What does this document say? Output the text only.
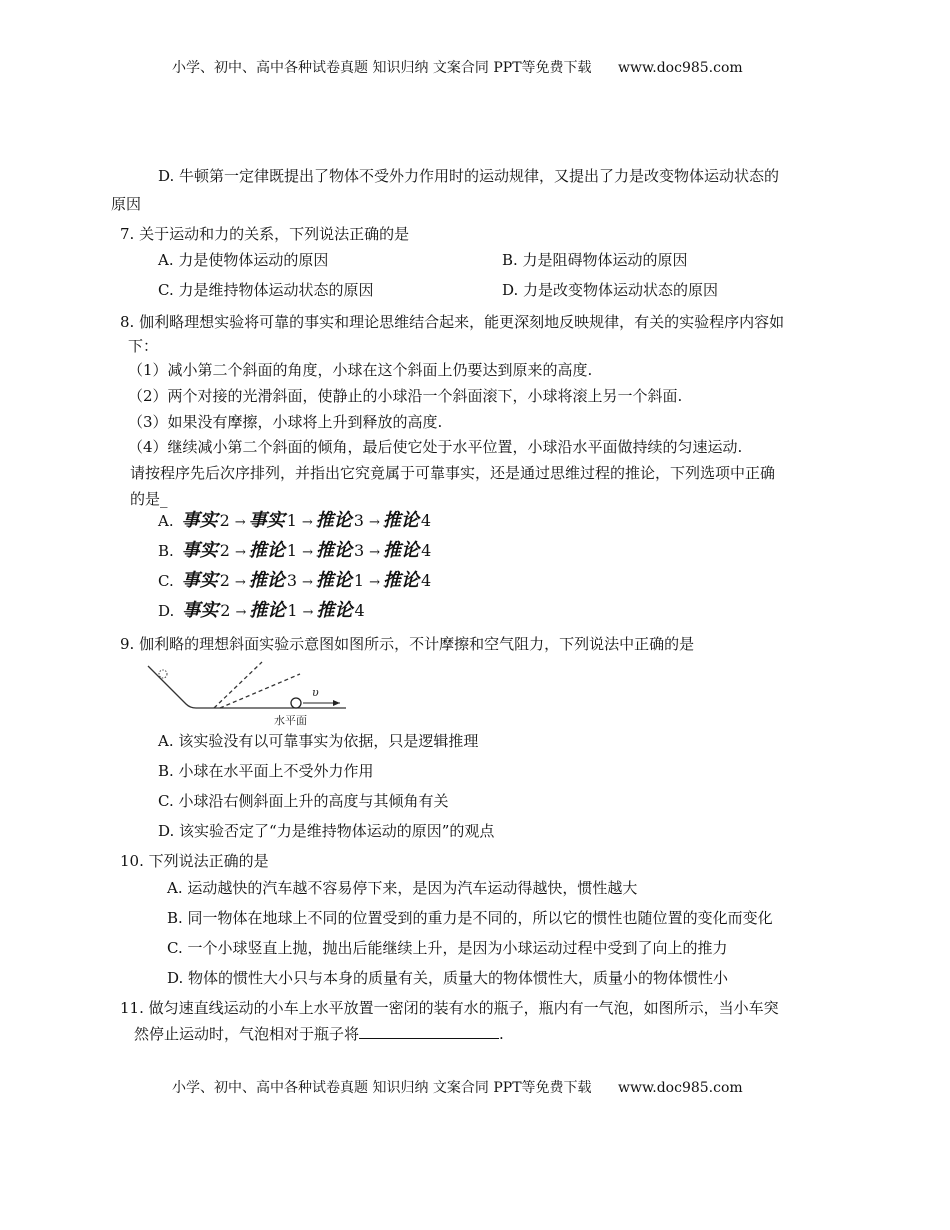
小学、初中、高中各种试卷真题 知识归纳 文案合同 PPT等免费下载 www.doc985.com
D. 牛顿第一定律既提出了物体不受外力作用时的运动规律，又提出了力是改变物体运动状态的
原因
7. 关于运动和力的关系，下列说法正确的是
A. 力是使物体运动的原因	B. 力是阻碍物体运动的原因
C. 力是维持物体运动状态的原因	D. 力是改变物体运动状态的原因
8. 伽利略理想实验将可靠的事实和理论思维结合起来，能更深刻地反映规律，有关的实验程序内容如
下：
（1）减小第二个斜面的角度，小球在这个斜面上仍要达到原来的高度.
（2）两个对接的光滑斜面，使静止的小球沿一个斜面滚下，小球将滚上另一个斜面.
（3）如果没有摩擦，小球将上升到释放的高度.
（4）继续减小第二个斜面的倾角，最后使它处于水平位置，小球沿水平面做持续的匀速运动.
请按程序先后次序排列，并指出它究竟属于可靠事实，还是通过思维过程的推论，下列选项中正确
的是_
A. 事实 2 → 事实 1 → 推论 3 → 推论 4
B. 事实 2 → 推论 1 → 推论 3 → 推论 4
C. 事实 2 → 推论 3 → 推论 1 → 推论 4
D. 事实 2 → 推论 1 → 推论 4
9. 伽利略的理想斜面实验示意图如图所示，不计摩擦和空气阻力，下列说法中正确的是
υ
水平面
A. 该实验没有以可靠事实为依据，只是逻辑推理
B. 小球在水平面上不受外力作用
C. 小球沿右侧斜面上升的高度与其倾角有关
D. 该实验否定了“力是维持物体运动的原因”的观点
10. 下列说法正确的是
A. 运动越快的汽车越不容易停下来，是因为汽车运动得越快，惯性越大
B. 同一物体在地球上不同的位置受到的重力是不同的，所以它的惯性也随位置的变化而变化
C. 一个小球竖直上抛，抛出后能继续上升，是因为小球运动过程中受到了向上的推力
D. 物体的惯性大小只与本身的质量有关，质量大的物体惯性大，质量小的物体惯性小
11. 做匀速直线运动的小车上水平放置一密闭的装有水的瓶子，瓶内有一气泡，如图所示，当小车突
然停止运动时，气泡相对于瓶子将	.
小学、初中、高中各种试卷真题 知识归纳 文案合同 PPT等免费下载 www.doc985.com
